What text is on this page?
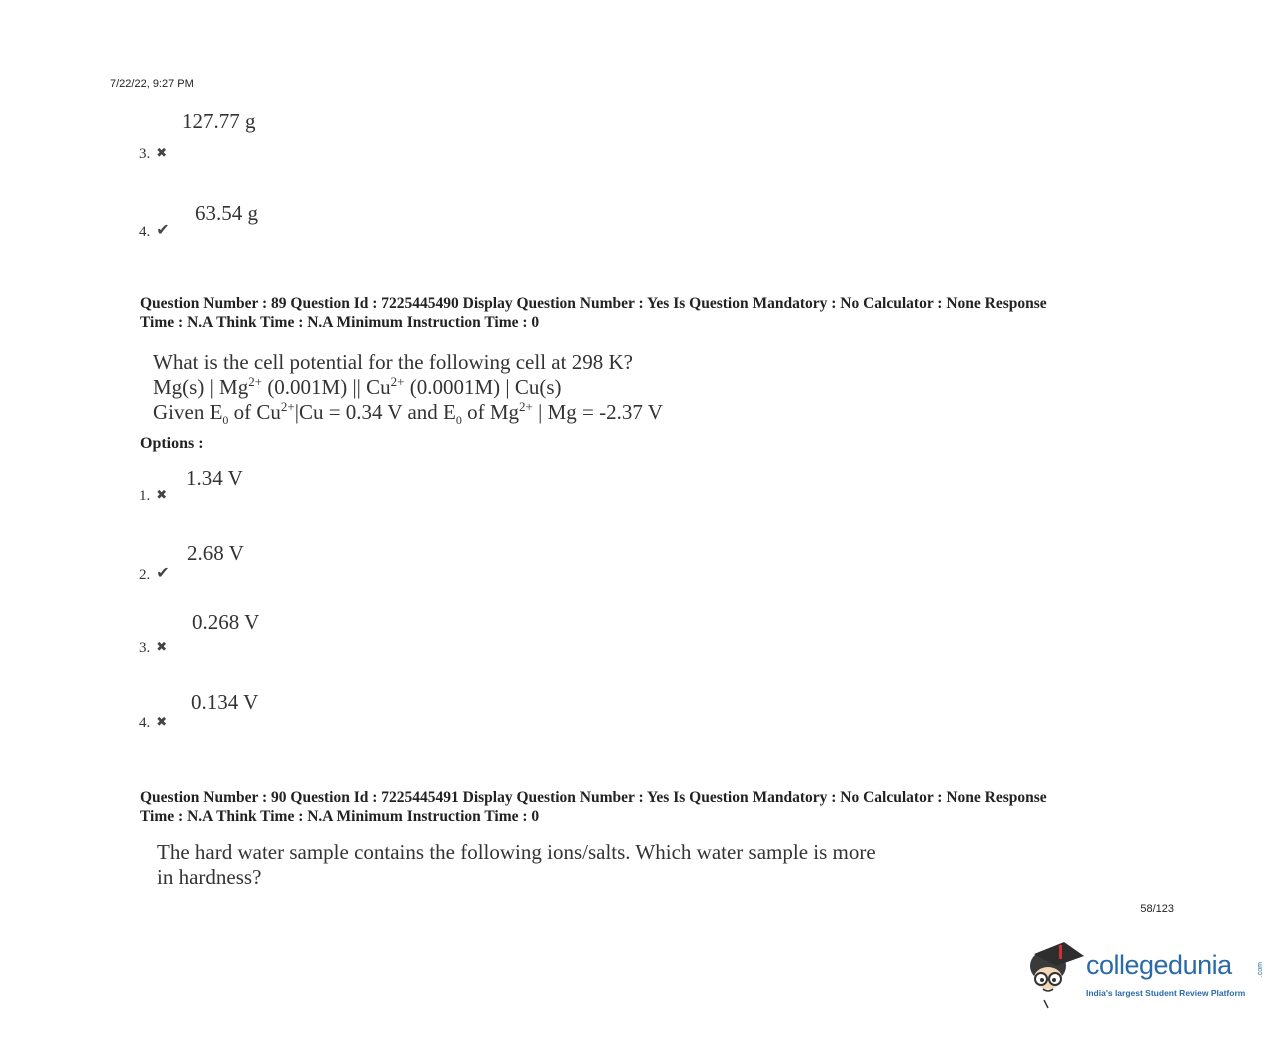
7/22/22, 9:27 PM
127.77 g
3. ✖
63.54 g
4. ✔
Question Number : 89 Question Id : 7225445490 Display Question Number : Yes Is Question Mandatory : No Calculator : None Response
Time : N.A Think Time : N.A Minimum Instruction Time : 0
What is the cell potential for the following cell at 298 K?
Mg(s) | $Mg^{2+}$ (0.001M) || $Cu^{2+}$ (0.0001M) | Cu(s)
Given $E_0$ of $Cu^{2+}|Cu = 0.34$ V and $E_0$ of $Mg^{2+}$ | Mg = -2.37 V
Options :
1.34 V
1. ✖
2.68 V
2. ✔
0.268 V
3. ✖
0.134 V
4. ✖
Question Number : 90 Question Id : 7225445491 Display Question Number : Yes Is Question Mandatory : No Calculator : None Response
Time : N.A Think Time : N.A Minimum Instruction Time : 0
The hard water sample contains the following ions/salts. Which water sample is more
in hardness?
58/123
collegedunia	.com
India's largest Student Review Platform
